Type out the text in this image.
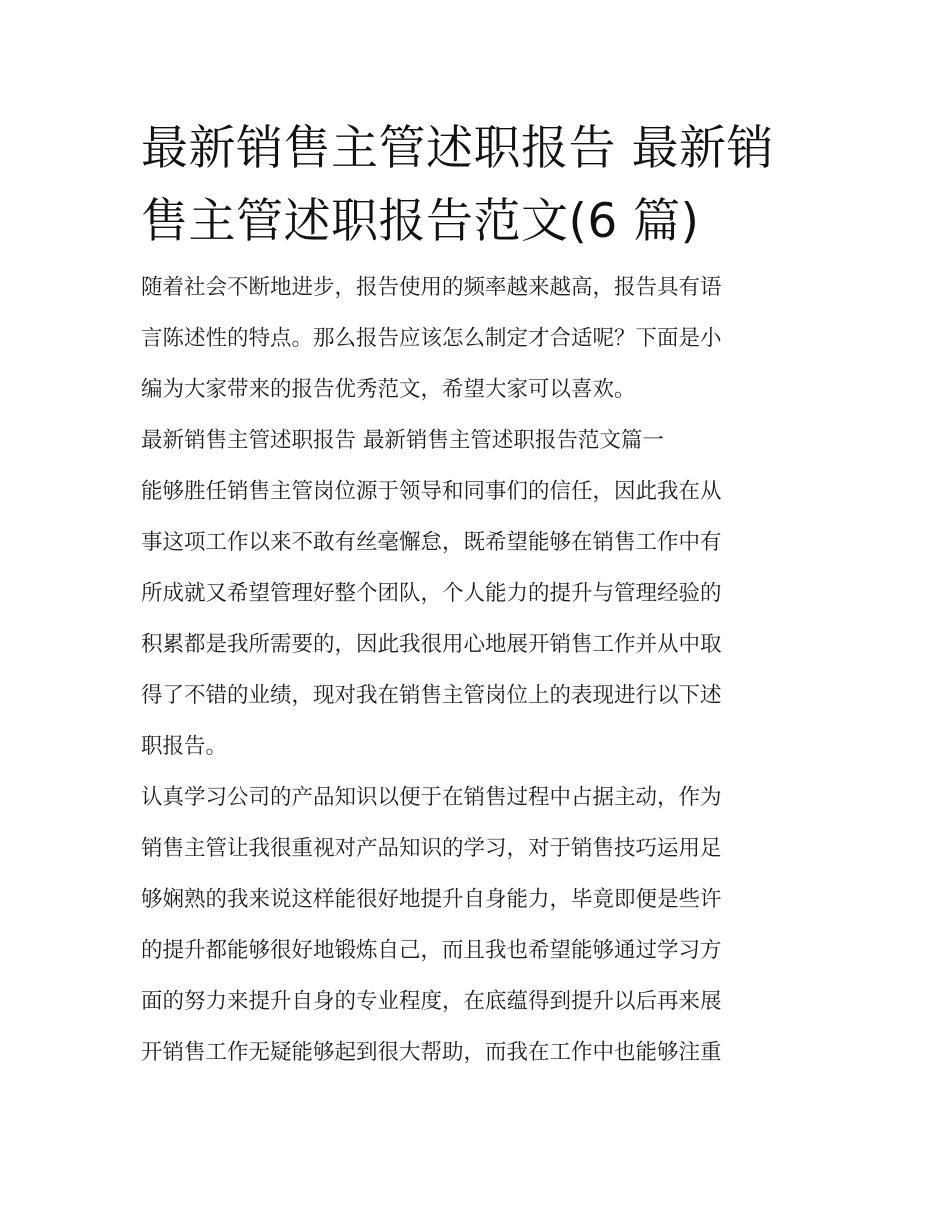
最新销售主管述职报告 最新销
售主管述职报告范文(6 篇)

随着社会不断地进步，报告使用的频率越来越高，报告具有语
言陈述性的特点。那么报告应该怎么制定才合适呢？下面是小
编为大家带来的报告优秀范文，希望大家可以喜欢。

最新销售主管述职报告 最新销售主管述职报告范文篇一

能够胜任销售主管岗位源于领导和同事们的信任，因此我在从
事这项工作以来不敢有丝毫懈怠，既希望能够在销售工作中有
所成就又希望管理好整个团队，个人能力的提升与管理经验的
积累都是我所需要的，因此我很用心地展开销售工作并从中取
得了不错的业绩，现对我在销售主管岗位上的表现进行以下述
职报告。

认真学习公司的产品知识以便于在销售过程中占据主动，作为
销售主管让我很重视对产品知识的学习，对于销售技巧运用足
够娴熟的我来说这样能很好地提升自身能力，毕竟即便是些许
的提升都能够很好地锻炼自己，而且我也希望能够通过学习方
面的努力来提升自身的专业程度，在底蕴得到提升以后再来展
开销售工作无疑能够起到很大帮助，而我在工作中也能够注重
